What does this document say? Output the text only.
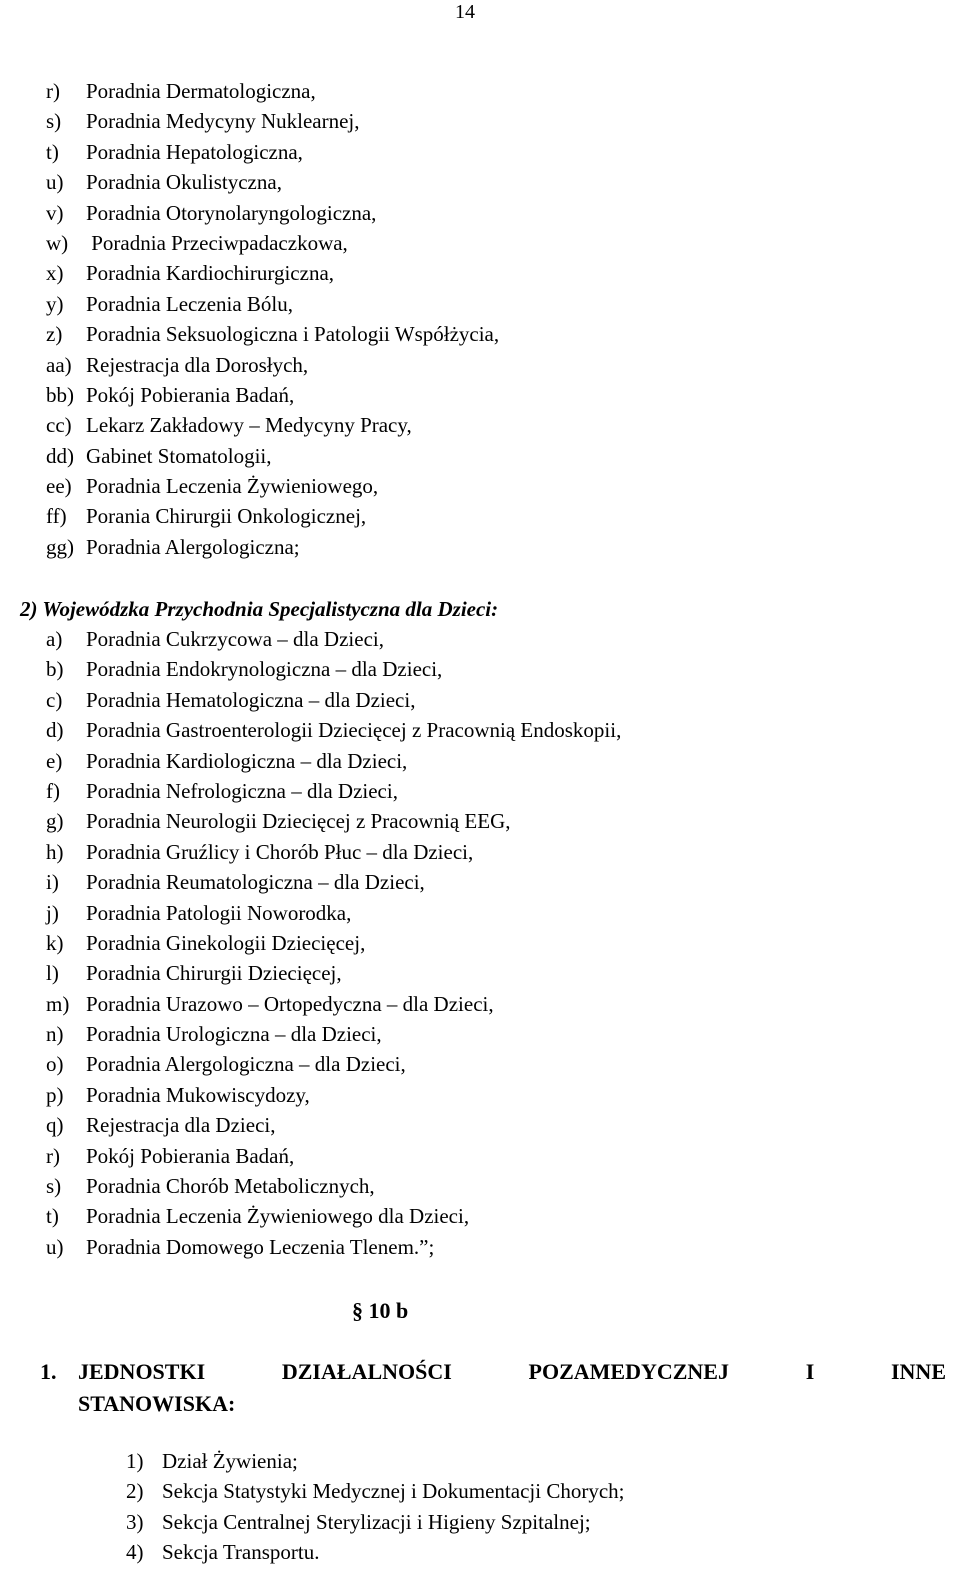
14
r) Poradnia Dermatologiczna,
s) Poradnia Medycyny Nuklearnej,
t) Poradnia Hepatologiczna,
u) Poradnia Okulistyczna,
v) Poradnia Otorynolaryngologiczna,
w) Poradnia Przeciwpadaczkowa,
x) Poradnia Kardiochirurgiczna,
y) Poradnia Leczenia Bólu,
z) Poradnia Seksuologiczna i Patologii Współżycia,
aa) Rejestracja dla Dorosłych,
bb) Pokój Pobierania Badań,
cc) Lekarz Zakładowy – Medycyny Pracy,
dd) Gabinet Stomatologii,
ee) Poradnia Leczenia Żywieniowego,
ff) Porania Chirurgii Onkologicznej,
gg) Poradnia Alergologiczna;
2) Wojewódzka Przychodnia Specjalistyczna dla Dzieci:
a) Poradnia Cukrzycowa – dla Dzieci,
b) Poradnia Endokrynologiczna – dla Dzieci,
c) Poradnia Hematologiczna – dla Dzieci,
d) Poradnia Gastroenterologii Dziecięcej z Pracownią Endoskopii,
e) Poradnia Kardiologiczna – dla Dzieci,
f) Poradnia Nefrologiczna – dla Dzieci,
g) Poradnia Neurologii Dziecięcej z Pracownią EEG,
h) Poradnia Gruźlicy i Chorób Płuc – dla Dzieci,
i) Poradnia Reumatologiczna – dla Dzieci,
j) Poradnia Patologii Noworodka,
k) Poradnia Ginekologii Dziecięcej,
l) Poradnia Chirurgii Dziecięcej,
m) Poradnia Urazowo – Ortopedyczna – dla Dzieci,
n) Poradnia Urologiczna – dla Dzieci,
o) Poradnia Alergologiczna – dla Dzieci,
p) Poradnia Mukowiscydozy,
q) Rejestracja dla Dzieci,
r) Pokój Pobierania Badań,
s) Poradnia Chorób Metabolicznych,
t) Poradnia Leczenia Żywieniowego dla Dzieci,
u) Poradnia Domowego Leczenia Tlenem.”;
§ 10 b
1. JEDNOSTKI	DZIAŁALNOŚCI	POZAMEDYCZNEJ	I	INNE
STANOWISKA:
1) Dział Żywienia;
2) Sekcja Statystyki Medycznej i Dokumentacji Chorych;
3) Sekcja Centralnej Sterylizacji i Higieny Szpitalnej;
4) Sekcja Transportu.
